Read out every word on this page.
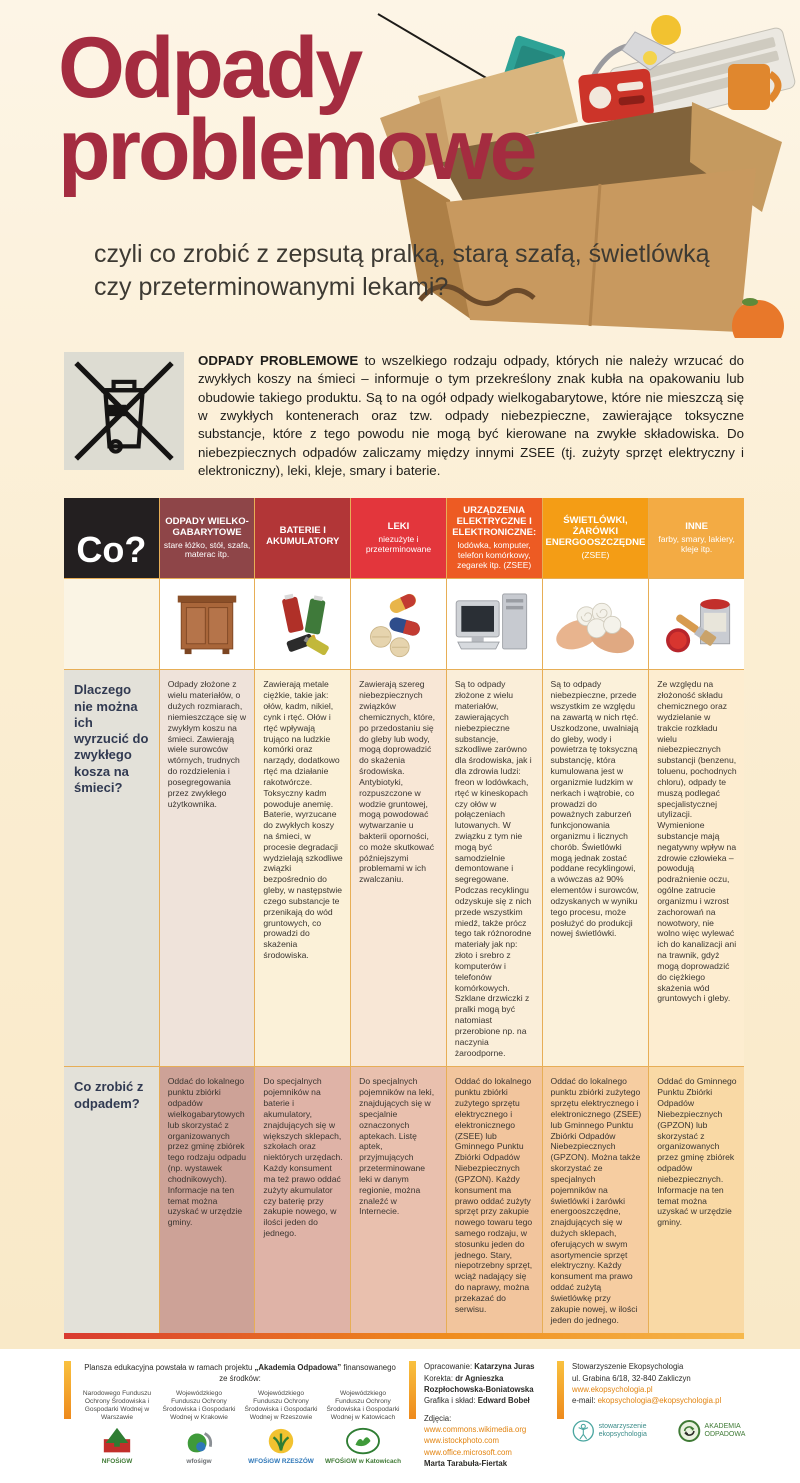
Odpady
problemowe
czyli co zrobić z zepsutą pralką, starą szafą, świetlówką
czy przeterminowanymi lekami?

ODPADY PROBLEMOWE to wszelkiego rodzaju odpady, których nie należy wrzucać do zwykłych koszy na śmieci – informuje o tym przekreślony znak kubła na opakowaniu lub obudowie takiego produktu. Są to na ogół odpady wielkogabarytowe, które nie mieszczą się w zwykłych kontenerach oraz tzw. odpady niebezpieczne, zawierające toksyczne substancje, które z tego powodu nie mogą być kierowane na zwykłe składowiska. Do niebezpiecznych odpadów zaliczamy między innymi ZSEE (tj. zużyty sprzęt elektryczny i elektroniczny), leki, kleje, smary i baterie.

Co?
ODPADY WIELKOGABARYTOWE
stare łóżko, stół, szafa, materac itp.
BATERIE I AKUMULATORY
LEKI
niezużyte i przeterminowane
URZĄDZENIA ELEKTRYCZNE I ELEKTRONICZNE:
lodówka, komputer, telefon komórkowy, zegarek itp. (ZSEE)
ŚWIETLÓWKI, ŻARÓWKI ENERGOOSZCZĘDNE
(ZSEE)
INNE
farby, smary, lakiery, kleje itp.
Dlaczego nie można ich wyrzucić do zwykłego kosza na śmieci?
Odpady złożone z wielu materiałów, o dużych rozmiarach, niemieszczące się w zwykłym koszu na śmieci. Zawierają wiele surowców wtórnych, trudnych do rozdzielenia i posegregowania przez zwykłego użytkownika.
Zawierają metale ciężkie, takie jak: ołów, kadm, nikiel, cynk i rtęć. Ołów i rtęć wpływają trująco na ludzkie komórki oraz narządy, dodatkowo rtęć ma działanie rakotwórcze. Toksyczny kadm powoduje anemię. Baterie, wyrzucane do zwykłych koszy na śmieci, w procesie degradacji wydzielają szkodliwe związki bezpośrednio do gleby, w następstwie czego substancje te przenikają do wód gruntowych, co prowadzi do skażenia środowiska.
Zawierają szereg niebezpiecznych związków chemicznych, które, po przedostaniu się do gleby lub wody, mogą doprowadzić do skażenia środowiska. Antybiotyki, rozpuszczone w wodzie gruntowej, mogą powodować wytwarzanie u bakterii oporności, co może skutkować późniejszymi problemami w ich zwalczaniu.
Są to odpady złożone z wielu materiałów, zawierających niebezpieczne substancje, szkodliwe zarówno dla środowiska, jak i dla zdrowia ludzi: freon w lodówkach, rtęć w kineskopach czy ołów w połączeniach lutowanych. W związku z tym nie mogą być samodzielnie demontowane i segregowane. Podczas recyklingu odzyskuje się z nich przede wszystkim miedź, także prócz tego tak różnorodne materiały jak np: złoto i srebro z komputerów i telefonów komórkowych. Szklane drzwiczki z pralki mogą być natomiast przerobione np. na naczynia żaroodporne.
Są to odpady niebezpieczne, przede wszystkim ze względu na zawartą w nich rtęć. Uszkodzone, uwalniają do gleby, wody i powietrza tę toksyczną substancję, która kumulowana jest w organizmie ludzkim w nerkach i wątrobie, co prowadzi do poważnych zaburzeń funkcjonowania organizmu i licznych chorób. Świetlówki mogą jednak zostać poddane recyklingowi, a wówczas aż 90% elementów i surowców, odzyskanych w wyniku tego procesu, może posłużyć do produkcji nowej świetlówki.
Ze względu na złożoność składu chemicznego oraz wydzielanie w trakcie rozkładu wielu niebezpiecznych substancji (benzenu, toluenu, pochodnych chloru), odpady te muszą podlegać specjalistycznej utylizacji. Wymienione substancje mają negatywny wpływ na zdrowie człowieka – powodują podrażnienie oczu, ogólne zatrucie organizmu i wzrost zachorowań na nowotwory, nie wolno więc wylewać ich do kanalizacji ani na trawnik, gdyż mogą doprowadzić do ciężkiego skażenia wód gruntowych i gleby.
Co zrobić z odpadem?
Oddać do lokalnego punktu zbiórki odpadów wielkogabarytowych lub skorzystać z organizowanych przez gminę zbiórek tego rodzaju odpadu (np. wystawek chodnikowych). Informacje na ten temat można uzyskać w urzędzie gminy.
Do specjalnych pojemników na baterie i akumulatory, znajdujących się w większych sklepach, szkołach oraz niektórych urzędach. Każdy konsument ma też prawo oddać zużyty akumulator czy baterię przy zakupie nowego, w ilości jeden do jednego.
Do specjalnych pojemników na leki, znajdujących się w specjalnie oznaczonych aptekach. Listę aptek, przyjmujących przeterminowane leki w danym regionie, można znaleźć w Internecie.
Oddać do lokalnego punktu zbiórki zużytego sprzętu elektrycznego i elektronicznego (ZSEE) lub Gminnego Punktu Zbiórki Odpadów Niebezpiecznych (GPZON). Każdy konsument ma prawo oddać zużyty sprzęt przy zakupie nowego towaru tego samego rodzaju, w stosunku jeden do jednego. Stary, niepotrzebny sprzęt, wciąż nadający się do naprawy, można przekazać do serwisu.
Oddać do lokalnego punktu zbiórki zużytego sprzętu elektrycznego i elektronicznego (ZSEE) lub Gminnego Punktu Zbiórki Odpadów Niebezpiecznych (GPZON). Można także skorzystać ze specjalnych pojemników na świetlówki i żarówki energooszczędne, znajdujących się w dużych sklepach, oferujących w swym asortymencie sprzęt elektryczny. Każdy konsument ma prawo oddać zużytą świetlówkę przy zakupie nowej, w ilości jeden do jednego.
Oddać do Gminnego Punktu Zbiórki Odpadów Niebezpiecznych (GPZON) lub skorzystać z organizowanych przez gminę zbiórek odpadów niebezpiecznych. Informacje na ten temat można uzyskać w urzędzie gminy.
Plansza edukacyjna powstała w ramach projektu „Akademia Odpadowa” finansowanego ze środków:
Narodowego Funduszu Ochrony Środowiska i Gospodarki Wodnej w Warszawie
NFOŚiGW
Wojewódzkiego Funduszu Ochrony Środowiska i Gospodarki Wodnej w Krakowie
wfośigw
Wojewódzkiego Funduszu Ochrony Środowiska i Gospodarki Wodnej w Rzeszowie
WFOŚiGW RZESZÓW
Wojewódzkiego Funduszu Ochrony Środowiska i Gospodarki Wodnej w Katowicach
WFOŚiGW w Katowicach
Opracowanie: Katarzyna Juras
Korekta: dr Agnieszka Rozpłochowska-Boniatowska
Grafika i skład: Edward Bobeł
Zdjęcia:
www.commons.wikimedia.org
www.istockphoto.com
www.office.microsoft.com
Marta Tarabuła-Fiertak
Stowarzyszenie Ekopsychologia
ul. Grabina 6/18, 32-840 Zakliczyn
www.ekopsychologia.pl
e-mail: ekopsychologia@ekopsychologia.pl
stowarzyszenie ekopsychologia
AKADEMIA ODPADOWA
